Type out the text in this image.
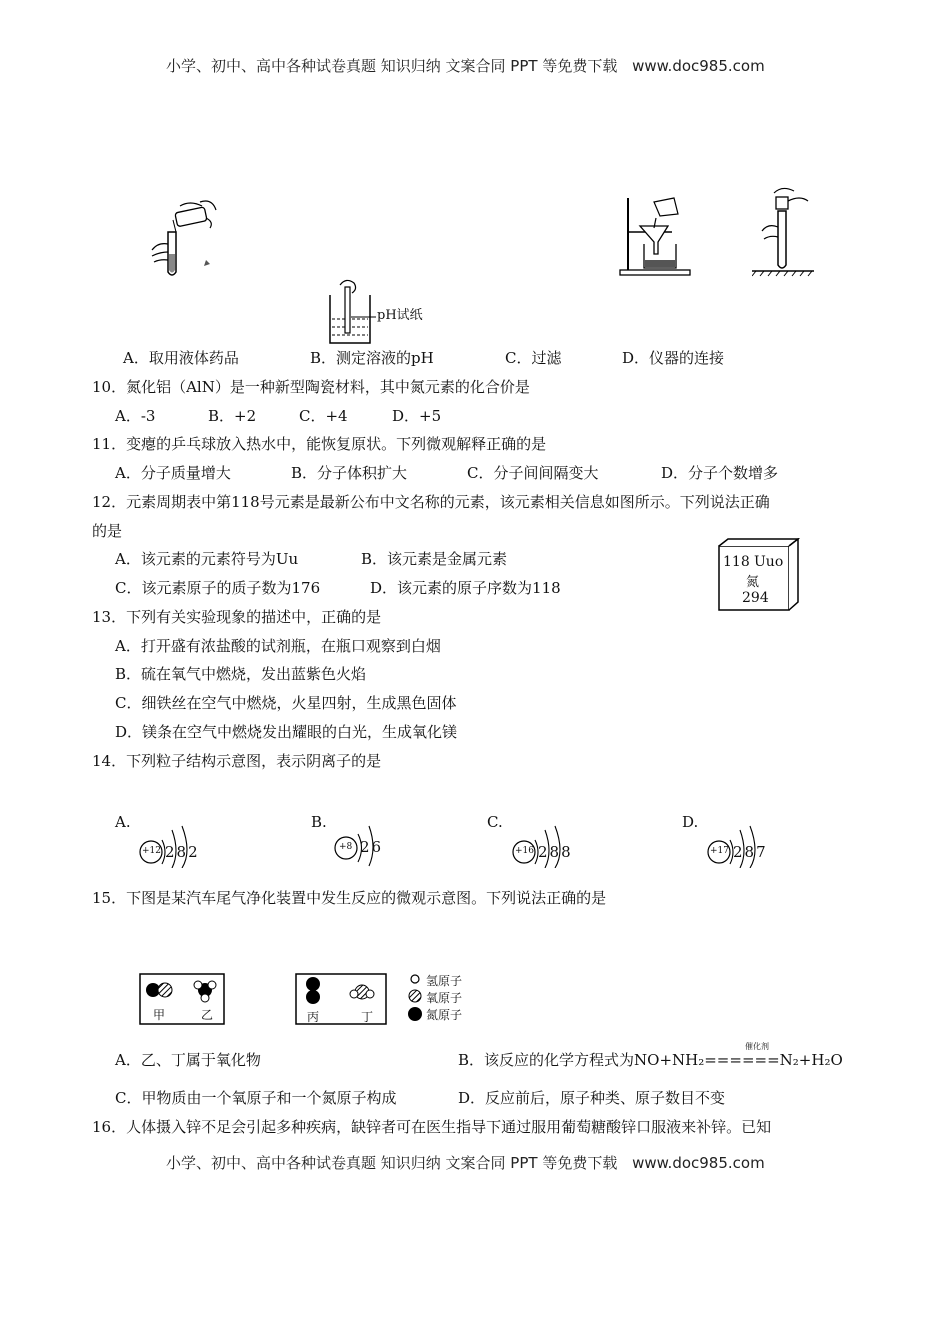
小学、初中、高中各种试卷真题 知识归纳 文案合同 PPT 等免费下载 www.doc985.com
pH试纸
A．取用液体药品	B．测定溶液的pH	C．过滤	D．仪器的连接
10．氮化铝（AlN）是一种新型陶瓷材料，其中氮元素的化合价是
A．-3	B．+2	C．+4	D．+5
11．变瘪的乒乓球放入热水中，能恢复原状。下列微观解释正确的是
A．分子质量增大	B．分子体积扩大	C．分子间间隔变大	D．分子个数增多
12．元素周期表中第118号元素是最新公布中文名称的元素，该元素相关信息如图所示。下列说法正确
的是
A．该元素的元素符号为Uu	B．该元素是金属元素
C．该元素原子的质子数为176	D．该元素的原子序数为118
118 Uuo
氮
294
13．下列有关实验现象的描述中，正确的是
A．打开盛有浓盐酸的试剂瓶，在瓶口观察到白烟
B．硫在氧气中燃烧，发出蓝紫色火焰
C．细铁丝在空气中燃烧，火星四射，生成黑色固体
D．镁条在空气中燃烧发出耀眼的白光，生成氧化镁
14．下列粒子结构示意图，表示阴离子的是
A.
+12 282
B.
+8 26
C.
+16 288
D.
+17 287
15．下图是某汽车尾气净化装置中发生反应的微观示意图。下列说法正确的是
甲	乙	丙	丁
氢原子
氧原子
氮原子
催化剂
A．乙、丁属于氧化物	B．该反应的化学方程式为NO+NH₂======N₂+H₂O
C．甲物质由一个氧原子和一个氮原子构成	D．反应前后，原子种类、原子数目不变
16．人体摄入锌不足会引起多种疾病，缺锌者可在医生指导下通过服用葡萄糖酸锌口服液来补锌。已知
小学、初中、高中各种试卷真题 知识归纳 文案合同 PPT 等免费下载 www.doc985.com
